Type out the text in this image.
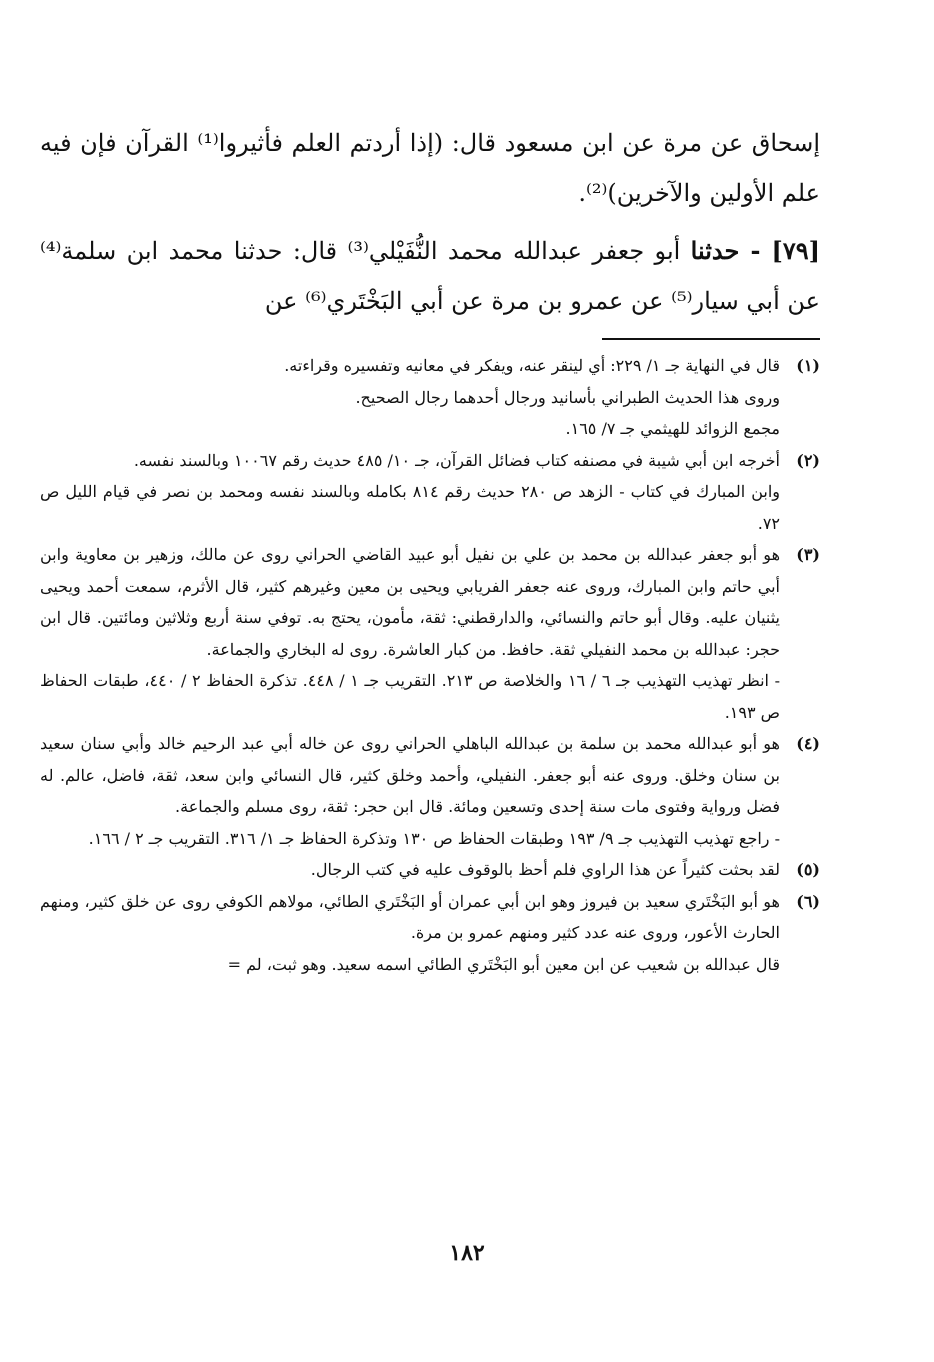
إسحاق عن مرة عن ابن مسعود قال: (إذا أردتم العلم فأثيروا⁽¹⁾ القرآن فإن فيه علم الأولين والآخرين)⁽²⁾.

[٧٩] - حدثنا أبو جعفر عبدالله محمد النُّفَيْلي⁽³⁾ قال: حدثنا محمد ابن سلمة⁽⁴⁾ عن أبي سيار⁽⁵⁾ عن عمرو بن مرة عن أبي البَخْتَري⁽⁶⁾ عن

(١)
قال في النهاية جـ ١/ ٢٢٩: أي لينقر عنه، ويفكر في معانيه وتفسيره وقراءته.
وروى هذا الحديث الطبراني بأسانيد ورجال أحدهما رجال الصحيح.
مجمع الزوائد للهيثمي جـ ٧/ ١٦٥.
(٢)
أخرجه ابن أبي شيبة في مصنفه كتاب فضائل القرآن، جـ ١٠/ ٤٨٥ حديث رقم ١٠٠٦٧ وبالسند نفسه.
وابن المبارك في كتاب - الزهد ص ٢٨٠ حديث رقم ٨١٤ بكامله وبالسند نفسه ومحمد بن نصر في قيام الليل ص ٧٢.
(٣)
هو أبو جعفر عبدالله بن محمد بن علي بن نفيل أبو عبيد القاضي الحراني روى عن مالك، وزهير بن معاوية وابن أبي حاتم وابن المبارك، وروى عنه جعفر الفريابي ويحيى بن معين وغيرهم كثير، قال الأثرم، سمعت أحمد ويحيى يثنيان عليه. وقال أبو حاتم والنسائي، والدارقطني: ثقة، مأمون، يحتج به. توفي سنة أربع وثلاثين ومائتين. قال ابن حجر: عبدالله بن محمد النفيلي ثقة. حافظ. من كبار العاشرة. روى له البخاري والجماعة.
- انظر تهذيب التهذيب جـ ٦ / ١٦ والخلاصة ص ٢١٣. التقريب جـ ١ / ٤٤٨. تذكرة الحفاظ ٢ / ٤٤٠، طبقات الحفاظ ص ١٩٣.
(٤)
هو أبو عبدالله محمد بن سلمة بن عبدالله الباهلي الحراني روى عن خاله أبي عبد الرحيم خالد وأبي سنان سعيد بن سنان وخلق. وروى عنه أبو جعفر. النفيلي، وأحمد وخلق كثير، قال النسائي وابن سعد، ثقة، فاضل، عالم. له فضل ورواية وفتوى مات سنة إحدى وتسعين ومائة. قال ابن حجر: ثقة، روى مسلم والجماعة.
- راجع تهذيب التهذيب جـ ٩/ ١٩٣ وطبقات الحفاظ ص ١٣٠ وتذكرة الحفاظ جـ ١/ ٣١٦. التقريب جـ ٢ / ١٦٦.
(٥)
لقد بحثت كثيراً عن هذا الراوي فلم أحظ بالوقوف عليه في كتب الرجال.
(٦)
هو أبو البَخْتَري سعيد بن فيروز وهو ابن أبي عمران أو البَخْتَري الطائي، مولاهم الكوفي روى عن خلق كثير، ومنهم الحارث الأعور، وروى عنه عدد كثير ومنهم عمرو بن مرة.
قال عبدالله بن شعيب عن ابن معين أبو البَخْتَري الطائي اسمه سعيد. وهو ثبت، لم =
١٨٢
